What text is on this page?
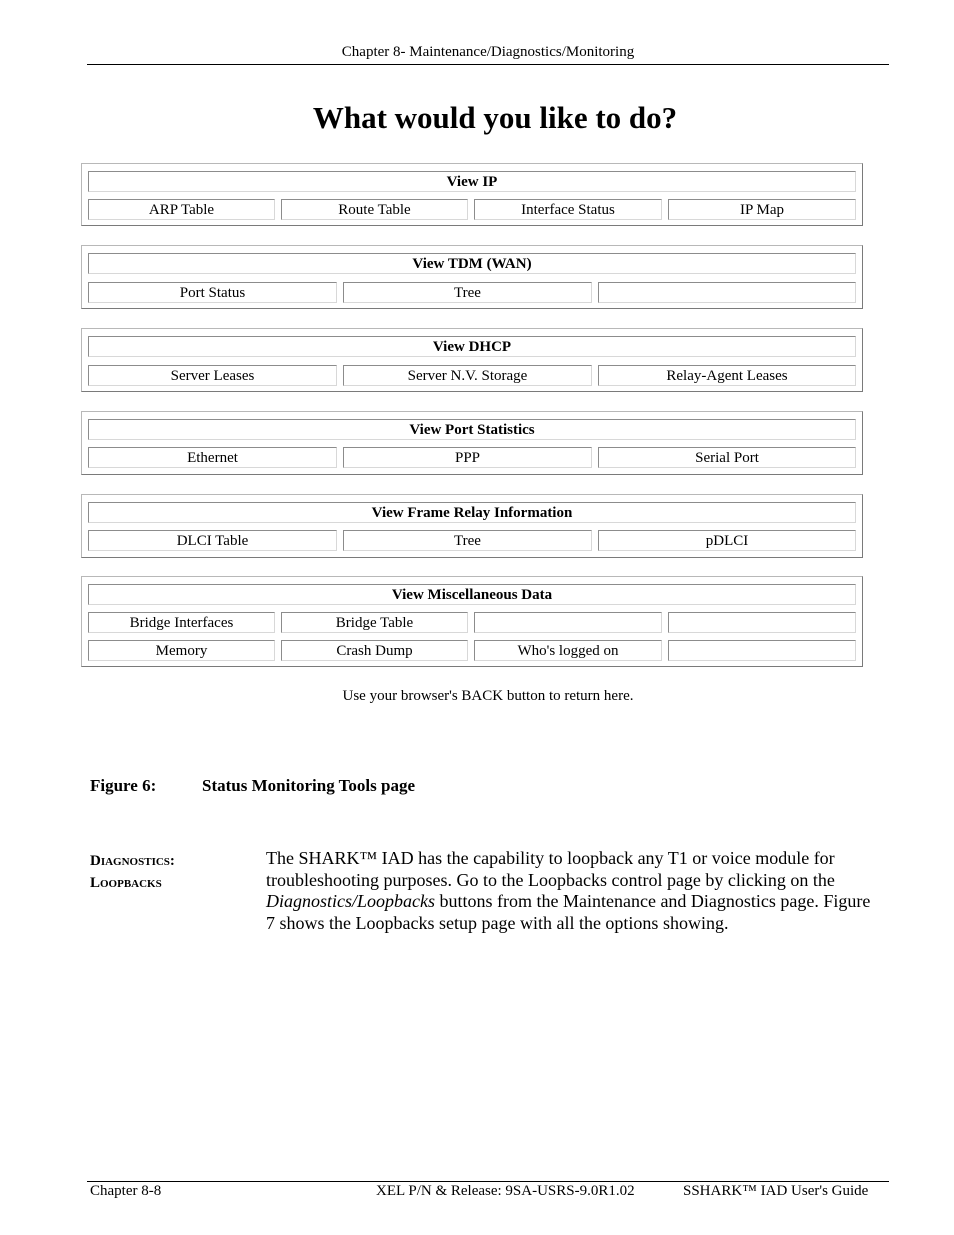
Chapter 8- Maintenance/Diagnostics/Monitoring
What would you like to do?
View IP
ARP Table	Route Table	Interface Status	IP Map
View TDM (WAN)
Port Status	Tree
View DHCP
Server Leases	Server N.V. Storage	Relay-Agent Leases
View Port Statistics
Ethernet	PPP	Serial Port
View Frame Relay Information
DLCI Table	Tree	pDLCI
View Miscellaneous Data
Bridge Interfaces	Bridge Table
Memory	Crash Dump	Who's logged on
Use your browser's BACK button to return here.
Figure 6:	Status Monitoring Tools page
Diagnostics:
Loopbacks
The SHARK™ IAD has the capability to loopback any T1 or voice module for troubleshooting purposes. Go to the Loopbacks control page by clicking on the Diagnostics/Loopbacks buttons from the Maintenance and Diagnostics page. Figure 7 shows the Loopbacks setup page with all the options showing.
Chapter 8-8	XEL P/N & Release: 9SA-USRS-9.0R1.02	SSHARK™ IAD User's Guide
